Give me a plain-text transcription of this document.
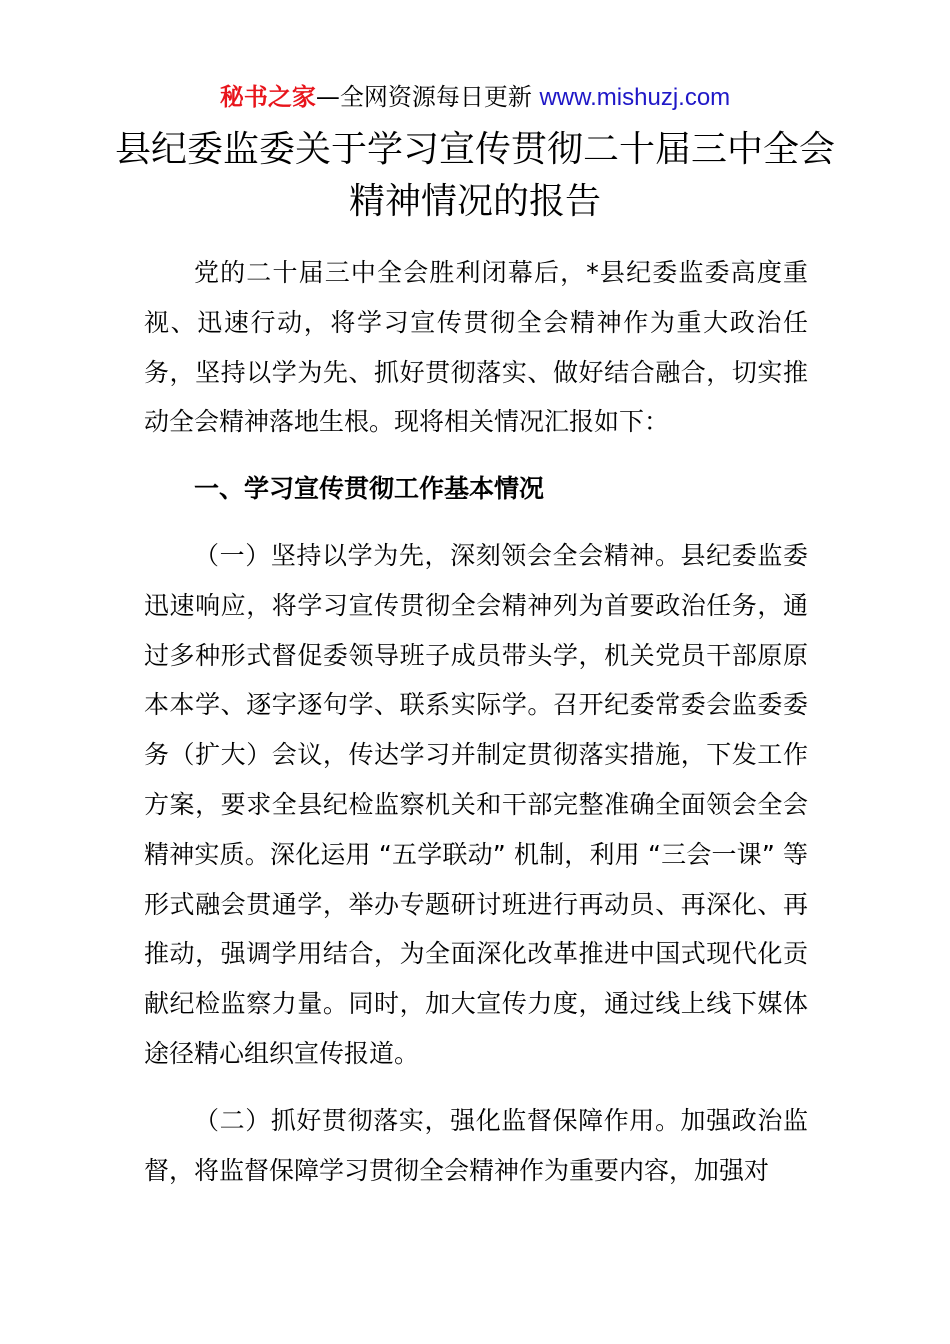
秘书之家—全网资源每日更新 www.mishuzj.com
县纪委监委关于学习宣传贯彻二十届三中全会精神情况的报告

党的二十届三中全会胜利闭幕后，*县纪委监委高度重视、迅速行动，将学习宣传贯彻全会精神作为重大政治任务，坚持以学为先、抓好贯彻落实、做好结合融合，切实推动全会精神落地生根。现将相关情况汇报如下：

一、学习宣传贯彻工作基本情况

（一）坚持以学为先，深刻领会全会精神。县纪委监委迅速响应，将学习宣传贯彻全会精神列为首要政治任务，通过多种形式督促委领导班子成员带头学，机关党员干部原原本本学、逐字逐句学、联系实际学。召开纪委常委会监委委务（扩大）会议，传达学习并制定贯彻落实措施，下发工作方案，要求全县纪检监察机关和干部完整准确全面领会全会精神实质。深化运用 “五学联动” 机制，利用 “三会一课” 等形式融会贯通学，举办专题研讨班进行再动员、再深化、再推动，强调学用结合，为全面深化改革推进中国式现代化贡献纪检监察力量。同时，加大宣传力度，通过线上线下媒体途径精心组织宣传报道。

（二）抓好贯彻落实，强化监督保障作用。加强政治监督，将监督保障学习贯彻全会精神作为重要内容，加强对
